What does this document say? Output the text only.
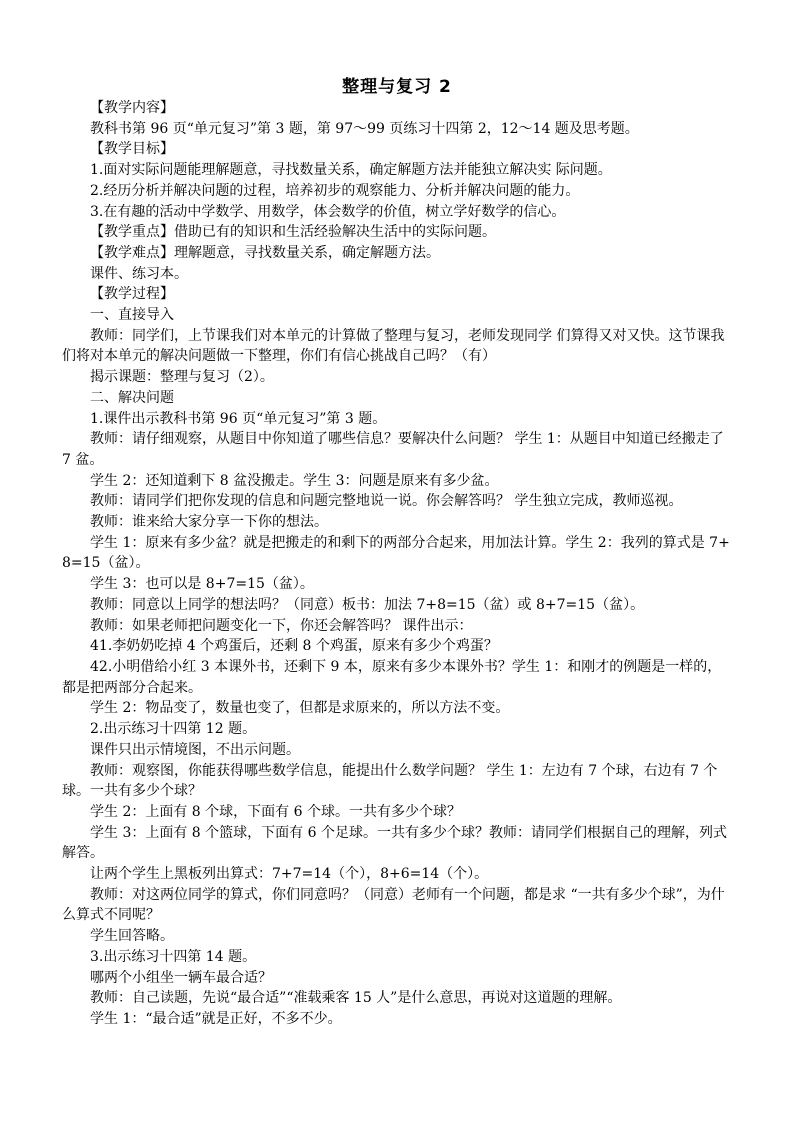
整理与复习 2

【教学内容】

教科书第 96 页“单元复习”第 3 题，第 97～99 页练习十四第 2，12～14 题及思考题。

【教学目标】

1.面对实际问题能理解题意，寻找数量关系，确定解题方法并能独立解决实 际问题。

2.经历分析并解决问题的过程，培养初步的观察能力、分析并解决问题的能力。

3.在有趣的活动中学数学、用数学，体会数学的价值，树立学好数学的信心。

【教学重点】借助已有的知识和生活经验解决生活中的实际问题。

【教学难点】理解题意，寻找数量关系，确定解题方法。

课件、练习本。

【教学过程】

一、直接导入

教师：同学们，上节课我们对本单元的计算做了整理与复习，老师发现同学 们算得又对又快。这节课我们将对本单元的解决问题做一下整理，你们有信心挑战自己吗？（有）

揭示课题：整理与复习（2）。

二、解决问题

1.课件出示教科书第 96 页“单元复习”第 3 题。

教师：请仔细观察，从题目中你知道了哪些信息？要解决什么问题？ 学生 1：从题目中知道已经搬走了 7 盆。

学生 2：还知道剩下 8 盆没搬走。学生 3：问题是原来有多少盆。

教师：请同学们把你发现的信息和问题完整地说一说。你会解答吗？ 学生独立完成，教师巡视。

教师：谁来给大家分享一下你的想法。

学生 1：原来有多少盆？就是把搬走的和剩下的两部分合起来，用加法计算。学生 2：我列的算式是 7+8=15（盆）。

学生 3：也可以是 8+7=15（盆）。

教师：同意以上同学的想法吗？（同意）板书：加法 7+8=15（盆）或 8+7=15（盆）。

教师：如果老师把问题变化一下，你还会解答吗？ 课件出示：

41.李奶奶吃掉 4 个鸡蛋后，还剩 8 个鸡蛋，原来有多少个鸡蛋？

42.小明借给小红 3 本课外书，还剩下 9 本，原来有多少本课外书？学生 1：和刚才的例题是一样的，都是把两部分合起来。

学生 2：物品变了，数量也变了，但都是求原来的，所以方法不变。

2.出示练习十四第 12 题。

课件只出示情境图，不出示问题。

教师：观察图，你能获得哪些数学信息，能提出什么数学问题？ 学生 1：左边有 7 个球，右边有 7 个球。一共有多少个球？

学生 2：上面有 8 个球，下面有 6 个球。一共有多少个球？

学生 3：上面有 8 个篮球，下面有 6 个足球。一共有多少个球？教师：请同学们根据自己的理解，列式解答。

让两个学生上黑板列出算式：7+7=14（个），8+6=14（个）。

教师：对这两位同学的算式，你们同意吗？（同意）老师有一个问题，都是求 “一共有多少个球”，为什么算式不同呢？

学生回答略。

3.出示练习十四第 14 题。

哪两个小组坐一辆车最合适？

教师：自己读题，先说“最合适”“准载乘客 15 人”是什么意思，再说对这道题的理解。

学生 1：“最合适”就是正好，不多不少。
